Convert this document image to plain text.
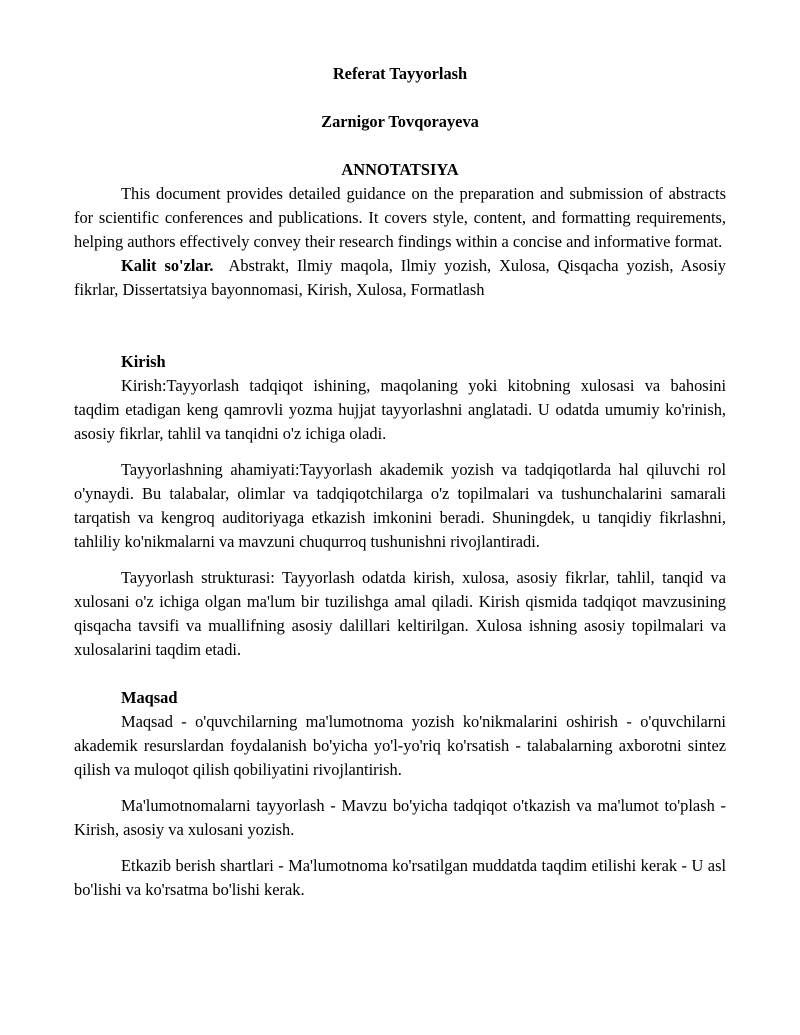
Referat Tayyorlash
Zarnigor Tovqorayeva
ANNOTATSIYA

This document provides detailed guidance on the preparation and submission of abstracts for scientific conferences and publications. It covers style, content, and formatting requirements, helping authors effectively convey their research findings within a concise and informative format.

Kalit so'zlar. Abstrakt, Ilmiy maqola, Ilmiy yozish, Xulosa, Qisqacha yozish, Asosiy fikrlar, Dissertatsiya bayonnomasi, Kirish, Xulosa, Formatlash

Kirish

Kirish:Tayyorlash tadqiqot ishining, maqolaning yoki kitobning xulosasi va bahosini taqdim etadigan keng qamrovli yozma hujjat tayyorlashni anglatadi. U odatda umumiy ko'rinish, asosiy fikrlar, tahlil va tanqidni o'z ichiga oladi.

Tayyorlashning ahamiyati:Tayyorlash akademik yozish va tadqiqotlarda hal qiluvchi rol o'ynaydi. Bu talabalar, olimlar va tadqiqotchilarga o'z topilmalari va tushunchalarini samarali tarqatish va kengroq auditoriyaga etkazish imkonini beradi. Shuningdek, u tanqidiy fikrlashni, tahliliy ko'nikmalarni va mavzuni chuqurroq tushunishni rivojlantiradi.

Tayyorlash strukturasi: Tayyorlash odatda kirish, xulosa, asosiy fikrlar, tahlil, tanqid va xulosani o'z ichiga olgan ma'lum bir tuzilishga amal qiladi. Kirish qismida tadqiqot mavzusining qisqacha tavsifi va muallifning asosiy dalillari keltirilgan. Xulosa ishning asosiy topilmalari va xulosalarini taqdim etadi.

Maqsad

Maqsad - o'quvchilarning ma'lumotnoma yozish ko'nikmalarini oshirish - o'quvchilarni akademik resurslardan foydalanish bo'yicha yo'l-yo'riq ko'rsatish - talabalarning axborotni sintez qilish va muloqot qilish qobiliyatini rivojlantirish.

Ma'lumotnomalarni tayyorlash - Mavzu bo'yicha tadqiqot o'tkazish va ma'lumot to'plash - Kirish, asosiy va xulosani yozish.

Etkazib berish shartlari - Ma'lumotnoma ko'rsatilgan muddatda taqdim etilishi kerak - U asl bo'lishi va ko'rsatma bo'lishi kerak.
